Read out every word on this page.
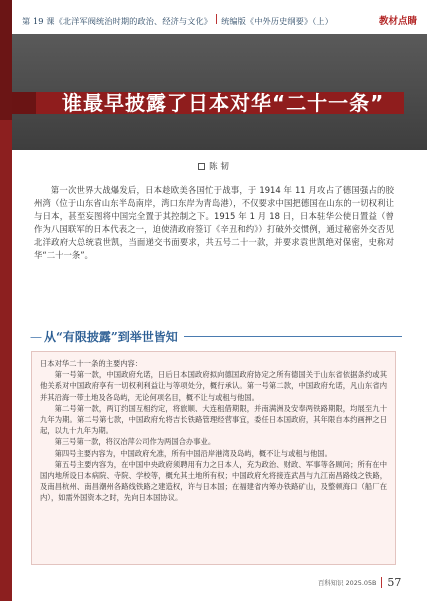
第 19 课《北洋军阀统治时期的政治、经济与文化》 统编版《中外历史纲要》（上）	教材点睛
谁最早披露了日本对华“二十一条”
陈 韧

第一次世界大战爆发后，日本趁欧美各国忙于战事，于 1914 年 11 月攻占了德国强占的胶州湾（位于山东省山东半岛南岸，湾口东岸为青岛港），不仅要求中国把德国在山东的一切权利让与日本，甚至妄图将中国完全置于其控制之下。1915 年 1 月 18 日，日本驻华公使日置益（曾作为八国联军的日本代表之一，迫使清政府签订《辛丑和约》）打破外交惯例，通过秘密外交否见北洋政府大总统袁世凯，当面递交书面要求，共五号二十一款，并要求袁世凯绝对保密，史称对华“二十一条”。

— 从“有限披露”到举世皆知

日本对华二十一条的主要内容：

第一号第一款，中国政府允诺，日后日本国政府拟向德国政府协定之所有德国关于山东省依据条约或其他关系对中国政府享有一切权利利益让与等项处分，概行承认。第一号第二款，中国政府允诺，凡山东省内并其沿海一带土地及各岛屿，无论何项名目，概不让与或租与他国。

第二号第一款，两订约国互相约定，将旅顺、大连租借期限，并南满洲及安奉两铁路期限，均展至九十九年为期。第二号第七款，中国政府允将吉长铁路管理经营事宜，委任日本国政府，其年限自本约画押之日起，以九十九年为期。

第三号第一款，将汉冶萍公司作为两国合办事业。

第四号主要内容为，中国政府允准，所有中国沿岸港湾及岛屿，概不让与或租与他国。

第五号主要内容为，在中国中央政府须聘用有力之日本人，充为政治、财政、军事等各顾问；所有在中国内地所设日本病院、寺院、学校等，概允其土地所有权；中国政府允将接连武昌与九江南昌路线之铁路，及南昌杭州、南昌潮州各路线铁路之建造权，许与日本国；在福建省内筹办铁路矿山，及整顿海口（船厂在内），如需外国资本之时，先向日本国协议。

百科知识 2025.05B 57
